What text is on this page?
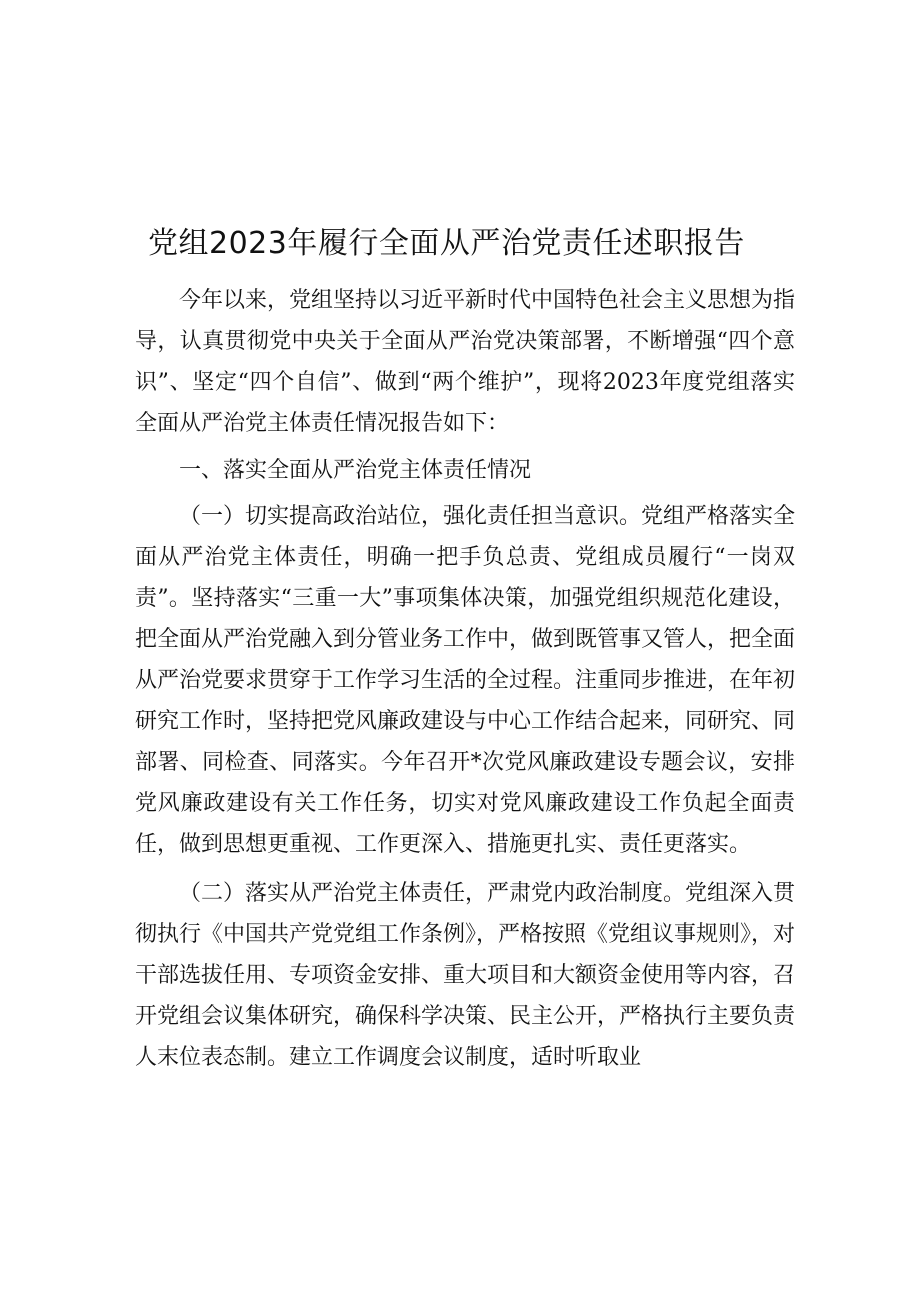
党组2023年履行全面从严治党责任述职报告

今年以来，党组坚持以习近平新时代中国特色社会主义思想为指导，认真贯彻党中央关于全面从严治党决策部署，不断增强“四个意识”、坚定“四个自信”、做到“两个维护”，现将2023年度党组落实全面从严治党主体责任情况报告如下：

一、落实全面从严治党主体责任情况

（一）切实提高政治站位，强化责任担当意识。党组严格落实全面从严治党主体责任，明确一把手负总责、党组成员履行“一岗双责”。坚持落实“三重一大”事项集体决策，加强党组织规范化建设，把全面从严治党融入到分管业务工作中，做到既管事又管人，把全面从严治党要求贯穿于工作学习生活的全过程。注重同步推进，在年初研究工作时，坚持把党风廉政建设与中心工作结合起来，同研究、同部署、同检查、同落实。今年召开*次党风廉政建设专题会议，安排党风廉政建设有关工作任务，切实对党风廉政建设工作负起全面责任，做到思想更重视、工作更深入、措施更扎实、责任更落实。

（二）落实从严治党主体责任，严肃党内政治制度。党组深入贯彻执行《中国共产党党组工作条例》，严格按照《党组议事规则》，对干部选拔任用、专项资金安排、重大项目和大额资金使用等内容，召开党组会议集体研究，确保科学决策、民主公开，严格执行主要负责人末位表态制。建立工作调度会议制度，适时听取业
